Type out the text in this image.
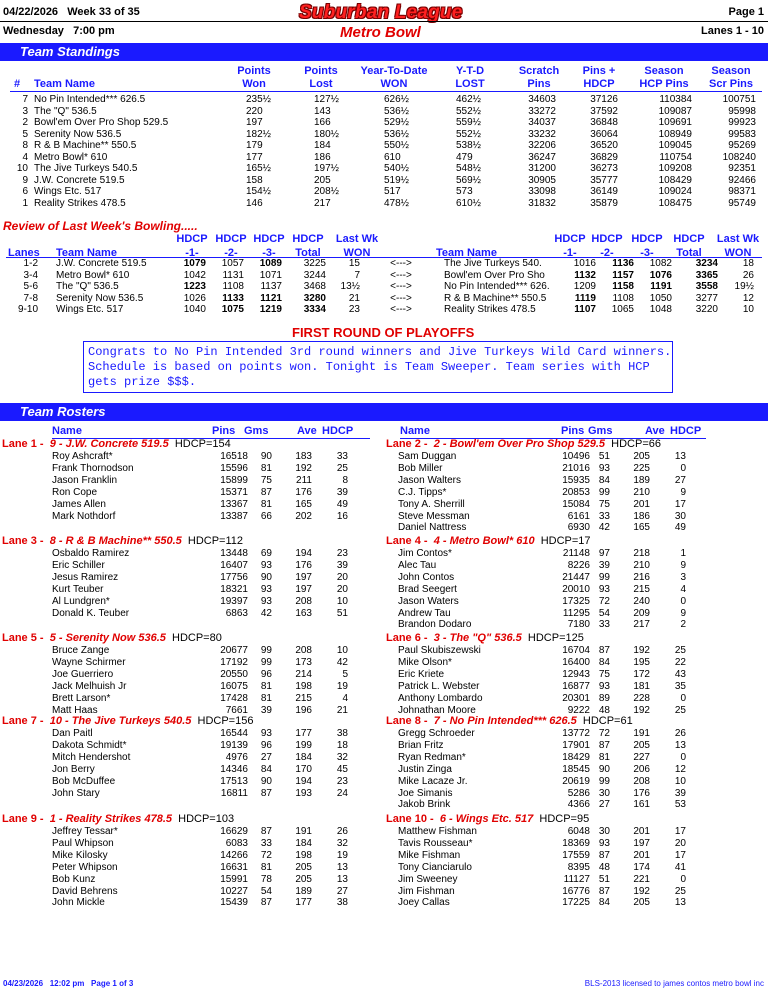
04/22/2026 Week 33 of 35	Suburban League	Page 1
Wednesday   7:00 pm	Metro Bowl	Lanes 1 - 10
Team Standings
#	Team Name
Points
Won
Points
Lost
Year-To-Date
WON
Y-T-D
LOST
Scratch
Pins
Pins +
HDCP
Season
HCP Pins
Season
Scr Pins
7	No Pin Intended*** 626.5	235½	127½	626½	462½	34603	37126	110384	100751
3	The "Q" 536.5	220	143	536½	552½	33272	37592	109087	95998
2	Bowl'em Over Pro Shop 529.5	197	166	529½	559½	34037	36848	109691	99923
5	Serenity Now 536.5	182½	180½	536½	552½	33232	36064	108949	99583
8	R & B Machine** 550.5	179	184	550½	538½	32206	36520	109045	95269
4	Metro Bowl* 610	177	186	610	479	36247	36829	110754	108240
10	The Jive Turkeys 540.5	165½	197½	540½	548½	31200	36273	109208	92351
9	J.W. Concrete 519.5	158	205	519½	569½	30905	35777	108429	92466
6	Wings Etc. 517	154½	208½	517	573	33098	36149	109024	98371
1	Reality Strikes 478.5	146	217	478½	610½	31832	35879	108475	95749
Review of Last Week's Bowling.....
Lanes Team Name
HDCP
-1-
HDCP
-2-
HDCP
-3-
HDCP
Total
Last Wk
WON	Team Name
HDCP
-1-
HDCP
-2-
HDCP
-3-
HDCP
Total
Last Wk
WON
1-2	J.W. Concrete 519.5	1079	1057	1089	3225	15	<--->	The Jive Turkeys 540.	1016	1136	1082	3234	18
3-4	Metro Bowl* 610	1042	1131	1071	3244	7	<--->	Bowl'em Over Pro Sho	1132	1157	1076	3365	26
5-6	The "Q" 536.5	1223	1108	1137	3468	13½	<--->	No Pin Intended*** 626.	1209	1158	1191	3558	19½
7-8	Serenity Now 536.5	1026	1133	1121	3280	21	<--->	R & B Machine** 550.5	1119	1108	1050	3277	12
9-10	Wings Etc. 517	1040	1075	1219	3334	23	<--->	Reality Strikes 478.5	1107	1065	1048	3220	10
FIRST ROUND OF PLAYOFFS
Congrats to No Pin Intended 3rd round winners and Jive Turkeys Wild Card winners. Schedule is based on points won. Tonight is Team Sweeper. Team series with HCP gets prize $$$.
Team Rosters
Name	Pins Gms	Ave HDCP	Name	Pins Gms	Ave HDCP
Lane 1 - 9 - J.W. Concrete 519.5 HDCP=154
Roy Ashcraft*	16518	90	183	33
Frank Thornodson	15596	81	192	25
Jason Franklin	15899	75	211	8
Ron Cope	15371	87	176	39
James Allen	13367	81	165	49
Mark Nothdorf	13387	66	202	16
Lane 2 - 2 - Bowl'em Over Pro Shop 529.5 HDCP=66
Sam Duggan	10496	51	205	13
Bob Miller	21016	93	225	0
Jason Walters	15935	84	189	27
C.J. Tipps*	20853	99	210	9
Tony A. Sherrill	15084	75	201	17
Steve Messman	6161	33	186	30
Daniel Nattress	6930	42	165	49
Lane 3 - 8 - R & B Machine** 550.5 HDCP=112
Osbaldo Ramirez	13448	69	194	23
Eric Schiller	16407	93	176	39
Jesus Ramirez	17756	90	197	20
Kurt Teuber	18321	93	197	20
Al Lundgren*	19397	93	208	10
Donald K. Teuber	6863	42	163	51
Lane 4 - 4 - Metro Bowl* 610 HDCP=17
Jim Contos*	21148	97	218	1
Alec Tau	8226	39	210	9
John Contos	21447	99	216	3
Brad Seegert	20010	93	215	4
Jason Waters	17325	72	240	0
Andrew Tau	11295	54	209	9
Brandon Dodaro	7180	33	217	2
Lane 5 - 5 - Serenity Now 536.5 HDCP=80
Bruce Zange	20677	99	208	10
Wayne Schirmer	17192	99	173	42
Joe Guerriero	20550	96	214	5
Jack Melhuish Jr	16075	81	198	19
Brett Larson*	17428	81	215	4
Matt Haas	7661	39	196	21
Lane 6 - 3 - The "Q" 536.5 HDCP=125
Paul Skubiszewski	16704	87	192	25
Mike Olson*	16400	84	195	22
Eric Kriete	12943	75	172	43
Patrick L. Webster	16877	93	181	35
Anthony Lombardo	20301	89	228	0
Johnathan Moore	9222	48	192	25
Lane 7 - 10 - The Jive Turkeys 540.5 HDCP=156
Dan Paitl	16544	93	177	38
Dakota Schmidt*	19139	96	199	18
Mitch Hendershot	4976	27	184	32
Jon Berry	14346	84	170	45
Bob McDuffee	17513	90	194	23
John Stary	16811	87	193	24
Lane 8 - 7 - No Pin Intended*** 626.5 HDCP=61
Gregg Schroeder	13772	72	191	26
Brian Fritz	17901	87	205	13
Ryan Redman*	18429	81	227	0
Justin Zinga	18545	90	206	12
Mike Lacaze Jr.	20619	99	208	10
Joe Simanis	5286	30	176	39
Jakob Brink	4366	27	161	53
Lane 9 - 1 - Reality Strikes 478.5 HDCP=103
Jeffrey Tessar*	16629	87	191	26
Paul Whipson	6083	33	184	32
Mike Kilosky	14266	72	198	19
Peter Whipson	16631	81	205	13
Bob Kunz	15991	78	205	13
David Behrens	10227	54	189	27
John Mickle	15439	87	177	38
Lane 10 - 6 - Wings Etc. 517 HDCP=95
Matthew Fishman	6048	30	201	17
Tavis Rousseau*	18369	93	197	20
Mike Fishman	17559	87	201	17
Tony Cianciarulo	8395	48	174	41
Jim Sweeney	11127	51	221	0
Jim Fishman	16776	87	192	25
Joey Callas	17225	84	205	13
04/23/2026   12:02 pm   Page 1 of 3	BLS-2013 licensed to james contos metro bowl inc
